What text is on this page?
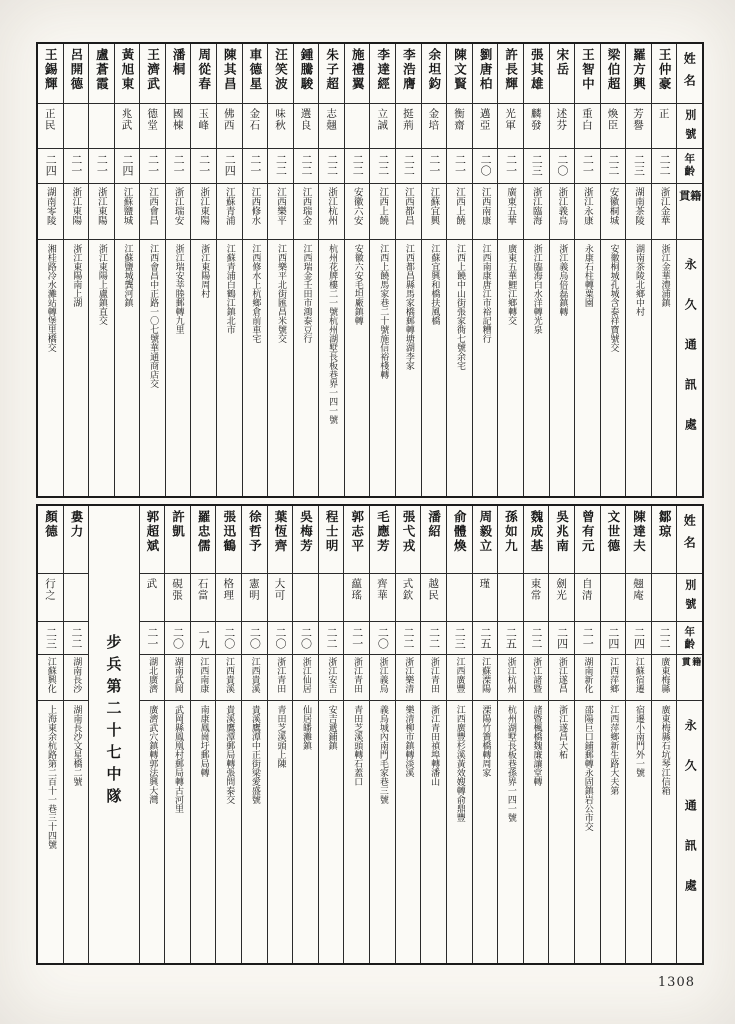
姓名
別號
年齡
籍貫
永久通訊處
王仲豪
正
二二
浙江金華
浙江金華澧浦鎮
羅方興
芳譽
二三
湖南茶陵
湖南茶陵北鄉中村
梁伯超
煥臣
二二
安徽桐城
安徽桐城孔城含泰祥寶號交
王智中
重白
二一
浙江永康
永康石柱轉粟園
宋岳
述芬
二〇
浙江義烏
浙江義烏倍磊鎮轉
張其雄
麟發
二三
浙江臨海
浙江臨海白水洋轉光泉
許長輝
光軍
二一
廣東五華
廣東五華鯉江鄉轉交
劉唐柏
邁亞
二〇
江西南康
江西南康唐江市裕記糟行
陳文賢
衡齋
二一
江西上饒
江西上饒中山街張家衖七號余宅
余坦鈞
金培
二一
江蘇宜興
江蘇宜興和橋扶風橋
李浩膺
挺荊
二二
江西都昌
江西都昌縣馬家橋郵轉塘湖李家
李達經
立誠
二二
江西上饒
江西上饒馬家巷二十號施信裕棧轉
施禮翼
二二
安徽六安
安徽六安毛坦廠鎮轉
朱子超
志翹
二二
浙江杭州
杭州花牌樓二一號杭州湖墅長板巷界一四一號
鍾騰駿
選良
二二
江西瑞金
江西瑞金壬田市鴻泰豆行
汪笑波
味秋
二二
江西樂平
江西樂平北街匯昌米號交
車德星
金石
二一
江西修水
江西修水上杭鄉倉前車宅
陳其昌
佛西
二四
江蘇青浦
江蘇青浦白鶴江鎮北市
周從春
玉峰
二一
浙江東陽
浙江東陽周村
潘桐
國棟
二一
浙江瑞安
浙江瑞安莘塍郵轉九里
王濟武
德堂
二一
江西會昌
江西會昌中正路一〇七號華通商店交
黃旭東
兆武
二四
江蘇鹽城
江蘇鹽城龔河鎮
盧蒼霞
二一
浙江東陽
浙江東陽上盧鎮直交
呂開德
二一
浙江東陽
浙江東陽南上湖
王錫輝
正民
二四
湖南零陵
湘桂路冷水灘站轉堡里橋交
姓名
別號
年齡
籍貫
永久通訊處
鄒琼
二二
廣東梅縣
廣東梅縣石坑琴江信箱
陳達夫
翹庵
二四
江蘇宿遷
宿遷小南門外一號
文世德
二四
江西萍鄉
江西萍鄉新生路大夫第
曾有元
自清
二一
湖南新化
邵陽巨口鋪郵轉永固鎮岩公市交
吳兆南
劍光
二四
浙江遂昌
浙江遂昌大柘
魏成基
東常
二二
浙江諸暨
諸暨楓橋魏廉讓堂轉
孫如九
二五
浙江杭州
杭州湖墅長板巷孫界一四一號
周毅立
瑾
二五
江蘇溧陽
溧陽竹簀橋轉周家
俞體煥
二三
江西廣豐
江西廣豐杉溪黃效嫂轉俞鼎豐
潘紹
越民
二二
浙江青田
浙江青田禎埠轉潘山
張弋戎
式欽
二二
浙江樂清
樂清柳市鎮轉淡溪
毛應芳
齊華
二〇
浙江義烏
義烏城內南門毛家巷三號
郭志平
藴瑤
二一
浙江青田
青田芝溪頭轉石蓋口
程士明
二二
浙江安吉
安吉遞鋪鎮
吳梅芳
二〇
浙江仙居
仙居皤灘鎮
葉恆齊
大可
二〇
浙江青田
青田芝溪頭上陳
徐哲予
憲明
二〇
江西貴溪
貴溪鷹潭中正街梁愛盛號
張迅鶴
格理
二〇
江西貴溪
貴溪鷹潭郵局轉張問泰交
羅忠儒
石當
一九
江西南康
南康鳳崗圩郵局轉
許凱
硯張
二〇
湖南武岡
武岡縣鳳凰村郵局轉古河里
郭超斌
武
二一
湖北廣濟
廣濟武穴鎮轉郭法興大灣
步兵第二十七中隊
婁力
二二
湖南長沙
湖南長沙文星橋二號
顏德
行之
二三
江蘇興化
上海東余杭路第二百十一巷三十四號
1308
